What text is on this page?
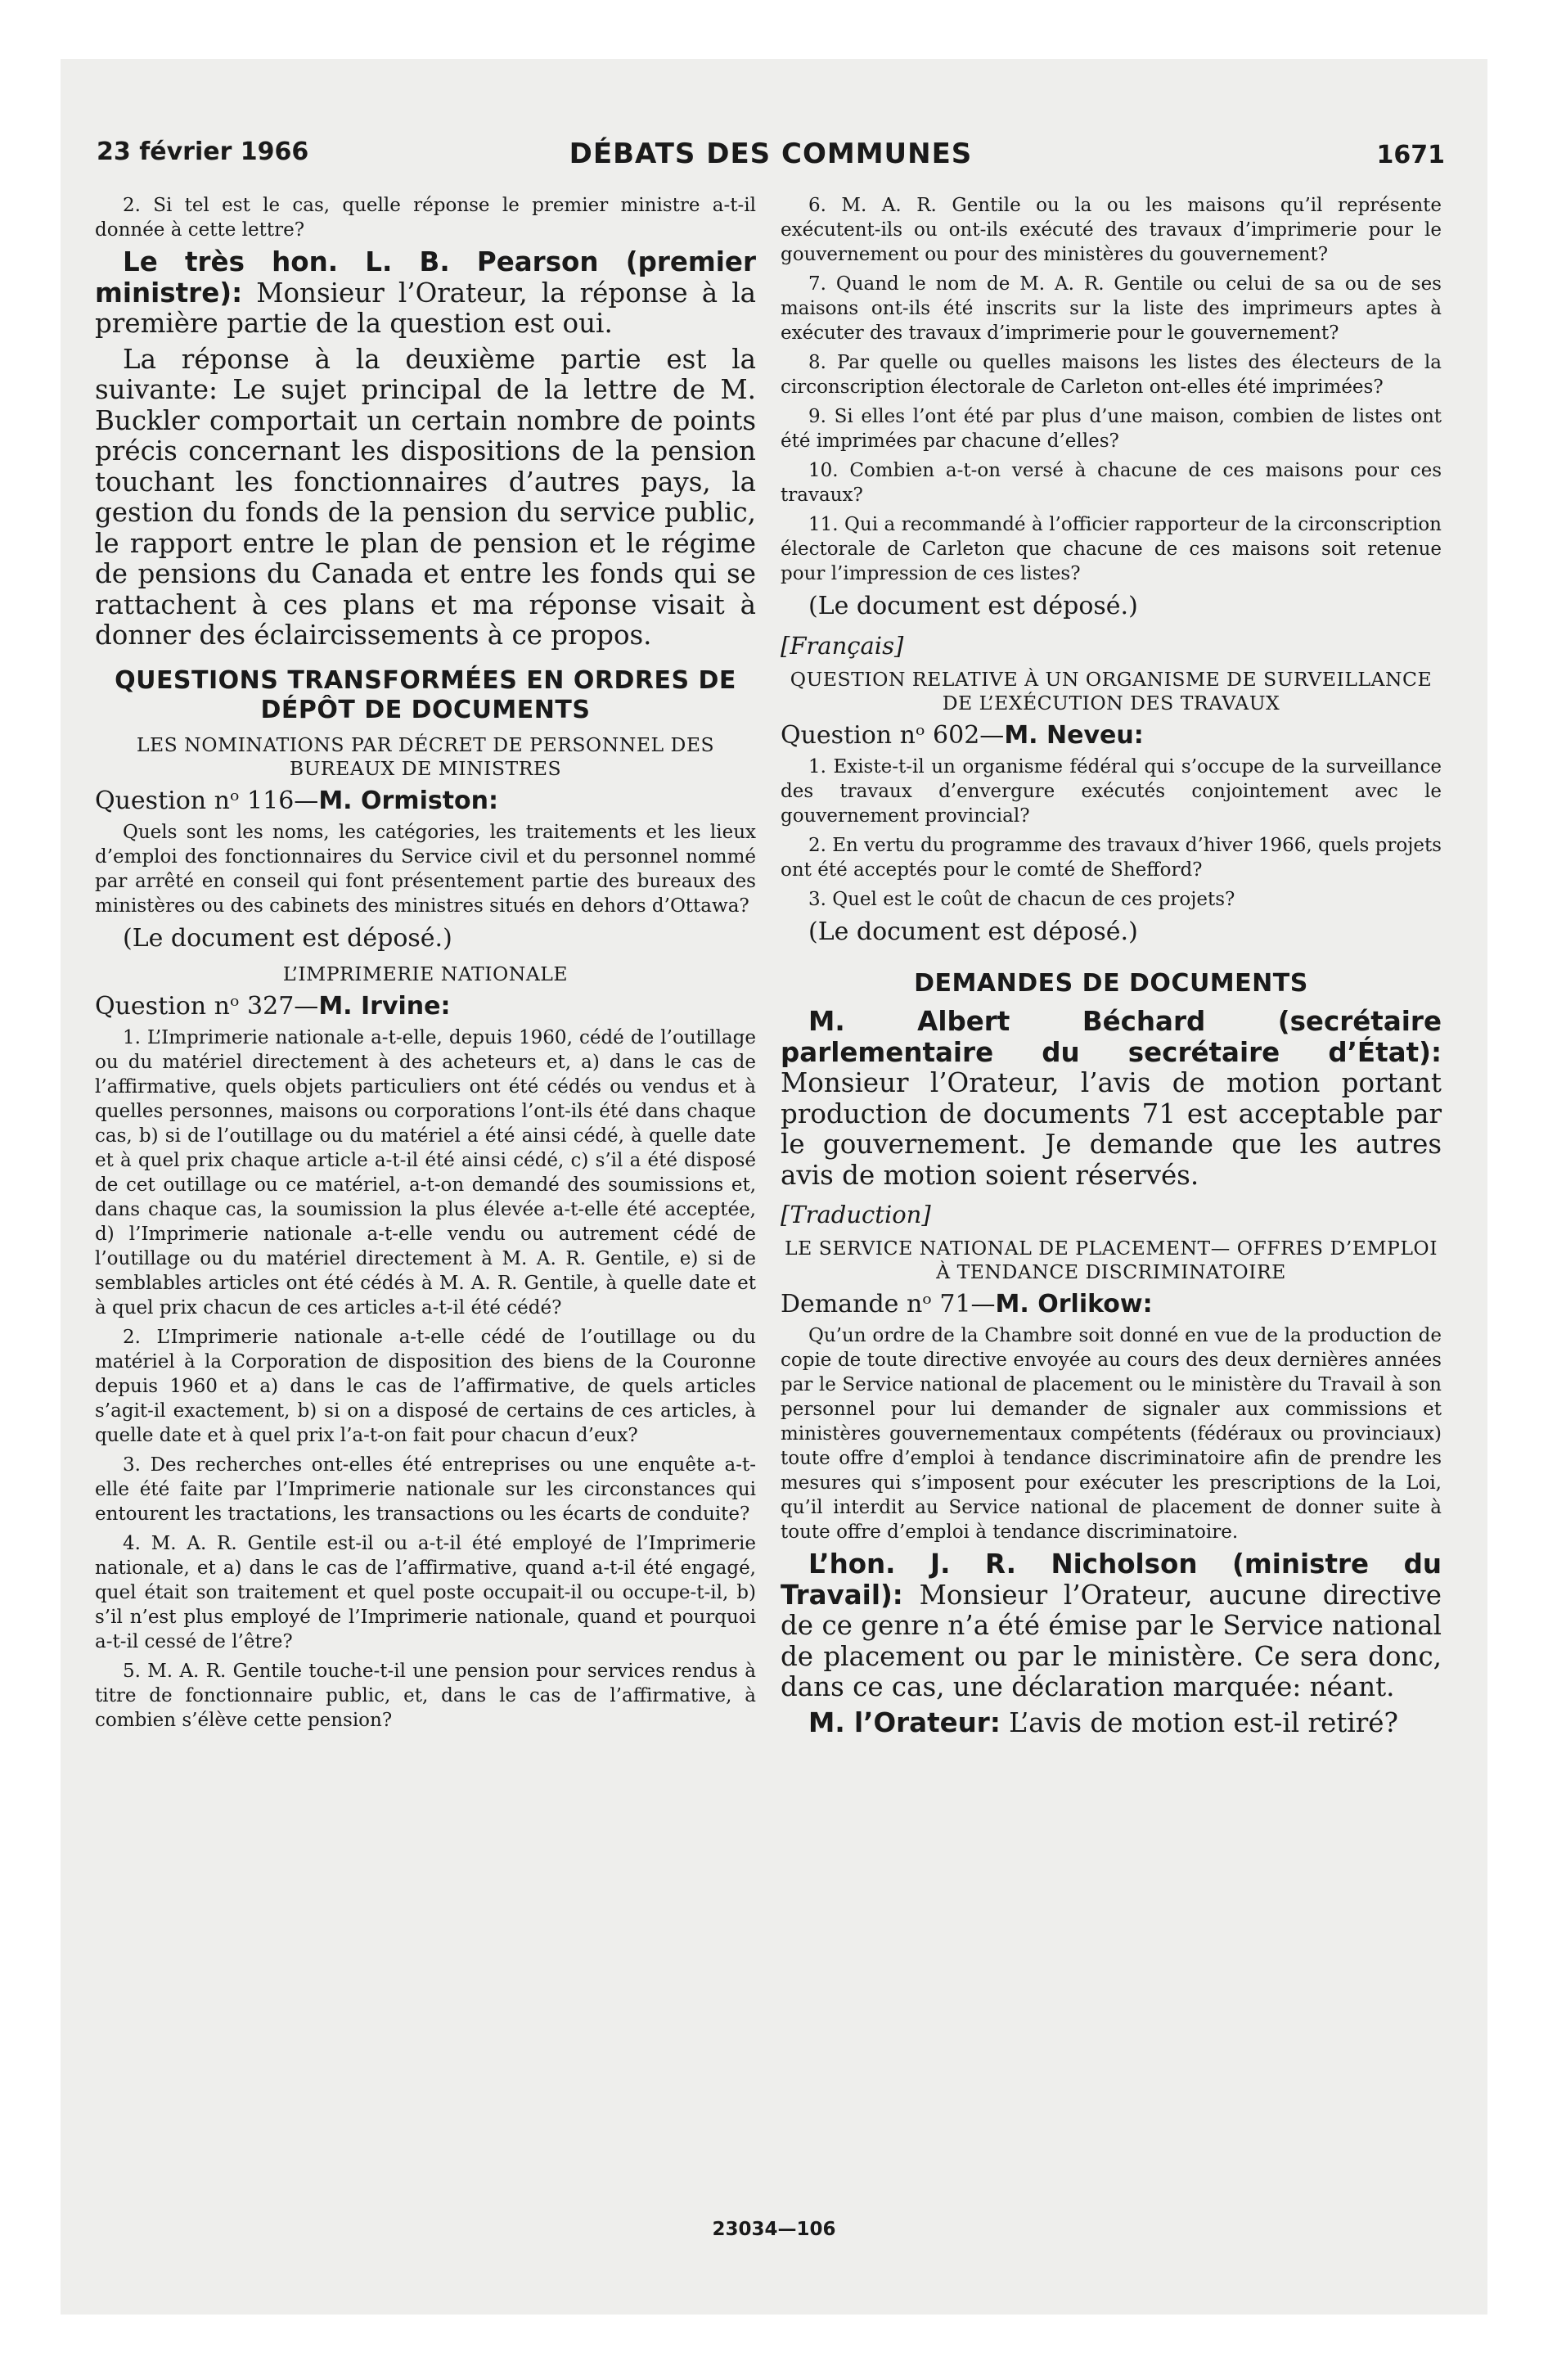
23 février 1966	DÉBATS DES COMMUNES	1671

2. Si tel est le cas, quelle réponse le premier ministre a-t-il donnée à cette lettre?

Le très hon. L. B. Pearson (premier ministre): Monsieur l’Orateur, la réponse à la première partie de la question est oui.

La réponse à la deuxième partie est la suivante: Le sujet principal de la lettre de M. Buckler comportait un certain nombre de points précis concernant les dispositions de la pension touchant les fonctionnaires d’autres pays, la gestion du fonds de la pension du service public, le rapport entre le plan de pension et le régime de pensions du Canada et entre les fonds qui se rattachent à ces plans et ma réponse visait à donner des éclaircissements à ce propos.

QUESTIONS TRANSFORMÉES EN ORDRES DE DÉPÔT DE DOCUMENTS
LES NOMINATIONS PAR DÉCRET DE PERSONNEL DES BUREAUX DE MINISTRES
Question nᵒ 116—M. Ormiston:

Quels sont les noms, les catégories, les traitements et les lieux d’emploi des fonctionnaires du Service civil et du personnel nommé par arrêté en conseil qui font présentement partie des bureaux des ministères ou des cabinets des ministres situés en dehors d’Ottawa?

(Le document est déposé.)
L’IMPRIMERIE NATIONALE
Question nᵒ 327—M. Irvine:

1. L’Imprimerie nationale a-t-elle, depuis 1960, cédé de l’outillage ou du matériel directement à des acheteurs et, a) dans le cas de l’affirmative, quels objets particuliers ont été cédés ou vendus et à quelles personnes, maisons ou corporations l’ont-ils été dans chaque cas, b) si de l’outillage ou du matériel a été ainsi cédé, à quelle date et à quel prix chaque article a-t-il été ainsi cédé, c) s’il a été disposé de cet outillage ou ce matériel, a-t-on demandé des soumissions et, dans chaque cas, la soumission la plus élevée a-t-elle été acceptée, d) l’Imprimerie nationale a-t-elle vendu ou autrement cédé de l’outillage ou du matériel directement à M. A. R. Gentile, e) si de semblables articles ont été cédés à M. A. R. Gentile, à quelle date et à quel prix chacun de ces articles a-t-il été cédé?

2. L’Imprimerie nationale a-t-elle cédé de l’outillage ou du matériel à la Corporation de disposition des biens de la Couronne depuis 1960 et a) dans le cas de l’affirmative, de quels articles s’agit-il exactement, b) si on a disposé de certains de ces articles, à quelle date et à quel prix l’a-t-on fait pour chacun d’eux?

3. Des recherches ont-elles été entreprises ou une enquête a-t-elle été faite par l’Imprimerie nationale sur les circonstances qui entourent les tractations, les transactions ou les écarts de conduite?

4. M. A. R. Gentile est-il ou a-t-il été employé de l’Imprimerie nationale, et a) dans le cas de l’affirmative, quand a-t-il été engagé, quel était son traitement et quel poste occupait-il ou occupe-t-il, b) s’il n’est plus employé de l’Imprimerie nationale, quand et pourquoi a-t-il cessé de l’être?

5. M. A. R. Gentile touche-t-il une pension pour services rendus à titre de fonctionnaire public, et, dans le cas de l’affirmative, à combien s’élève cette pension?

6. M. A. R. Gentile ou la ou les maisons qu’il représente exécutent-ils ou ont-ils exécuté des travaux d’imprimerie pour le gouvernement ou pour des ministères du gouvernement?

7. Quand le nom de M. A. R. Gentile ou celui de sa ou de ses maisons ont-ils été inscrits sur la liste des imprimeurs aptes à exécuter des travaux d’imprimerie pour le gouvernement?

8. Par quelle ou quelles maisons les listes des électeurs de la circonscription électorale de Carleton ont-elles été imprimées?

9. Si elles l’ont été par plus d’une maison, combien de listes ont été imprimées par chacune d’elles?

10. Combien a-t-on versé à chacune de ces maisons pour ces travaux?

11. Qui a recommandé à l’officier rapporteur de la circonscription électorale de Carleton que chacune de ces maisons soit retenue pour l’impression de ces listes?

(Le document est déposé.)
[Français]
QUESTION RELATIVE À UN ORGANISME DE SURVEILLANCE DE L’EXÉCUTION DES TRAVAUX
Question nᵒ 602—M. Neveu:

1. Existe-t-il un organisme fédéral qui s’occupe de la surveillance des travaux d’envergure exécutés conjointement avec le gouvernement provincial?

2. En vertu du programme des travaux d’hiver 1966, quels projets ont été acceptés pour le comté de Shefford?

3. Quel est le coût de chacun de ces projets?

(Le document est déposé.)
DEMANDES DE DOCUMENTS

M. Albert Béchard (secrétaire parlementaire du secrétaire d’État): Monsieur l’Orateur, l’avis de motion portant production de documents 71 est acceptable par le gouvernement. Je demande que les autres avis de motion soient réservés.

[Traduction]
LE SERVICE NATIONAL DE PLACEMENT— OFFRES D’EMPLOI À TENDANCE DISCRIMINATOIRE
Demande nᵒ 71—M. Orlikow:

Qu’un ordre de la Chambre soit donné en vue de la production de copie de toute directive envoyée au cours des deux dernières années par le Service national de placement ou le ministère du Travail à son personnel pour lui demander de signaler aux commissions et ministères gouvernementaux compétents (fédéraux ou provinciaux) toute offre d’emploi à tendance discriminatoire afin de prendre les mesures qui s’imposent pour exécuter les prescriptions de la Loi, qu’il interdit au Service national de placement de donner suite à toute offre d’emploi à tendance discriminatoire.

L’hon. J. R. Nicholson (ministre du Travail): Monsieur l’Orateur, aucune directive de ce genre n’a été émise par le Service national de placement ou par le ministère. Ce sera donc, dans ce cas, une déclaration marquée: néant.

M. l’Orateur: L’avis de motion est-il retiré?

23034—106
